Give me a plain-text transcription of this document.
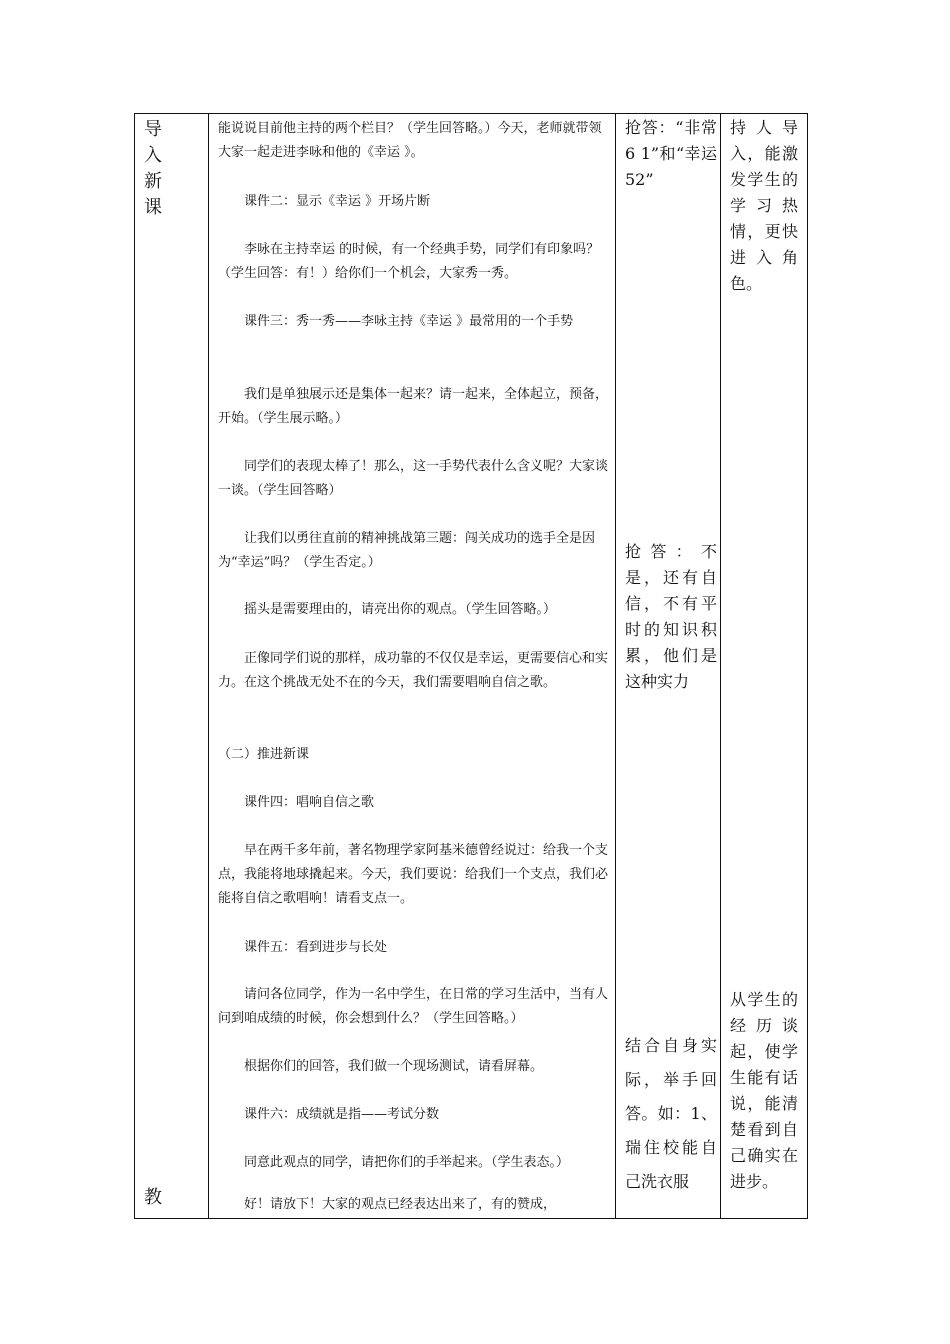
导
入
新
课
教

能说说目前他主持的两个栏目？（学生回答略。）今天，老师就带领大家一起走进李咏和他的《幸运 》。

课件二：显示《幸运 》开场片断

李咏在主持幸运 的时候，有一个经典手势，同学们有印象吗？（学生回答：有！）给你们一个机会，大家秀一秀。

课件三：秀一秀——李咏主持《幸运 》最常用的一个手势

我们是单独展示还是集体一起来？请一起来，全体起立，预备，开始。（学生展示略。）

同学们的表现太棒了！那么，这一手势代表什么含义呢？大家谈一谈。（学生回答略）

让我们以勇往直前的精神挑战第三题：闯关成功的选手全是因为“幸运”吗？（学生否定。）

摇头是需要理由的，请亮出你的观点。（学生回答略。）

正像同学们说的那样，成功靠的不仅仅是幸运，更需要信心和实力。在这个挑战无处不在的今天，我们需要唱响自信之歌。

（二）推进新课

课件四：唱响自信之歌

早在两千多年前，著名物理学家阿基米德曾经说过：给我一个支点，我能将地球撬起来。今天，我们要说：给我们一个支点，我们必能将自信之歌唱响！请看支点一。

课件五：看到进步与长处

请问各位同学，作为一名中学生，在日常的学习生活中，当有人问到咱成绩的时候，你会想到什么？（学生回答略。）

根据你们的回答，我们做一个现场测试，请看屏幕。

课件六：成绩就是指——考试分数

同意此观点的同学，请把你们的手举起来。（学生表态。）

好！请放下！大家的观点已经表达出来了，有的赞成，

抢答：“非常6 1”和“幸运52”

抢答：不是，还有自信，不有平时的知识积累，他们是这种实力

结合自身实际，举手回答。如：1、瑞住校能自己洗衣服

持人导入，能激发学生的学习热情，更快进入角色。

从学生的经历谈起，使学生能有话说，能清楚看到自己确实在进步。
